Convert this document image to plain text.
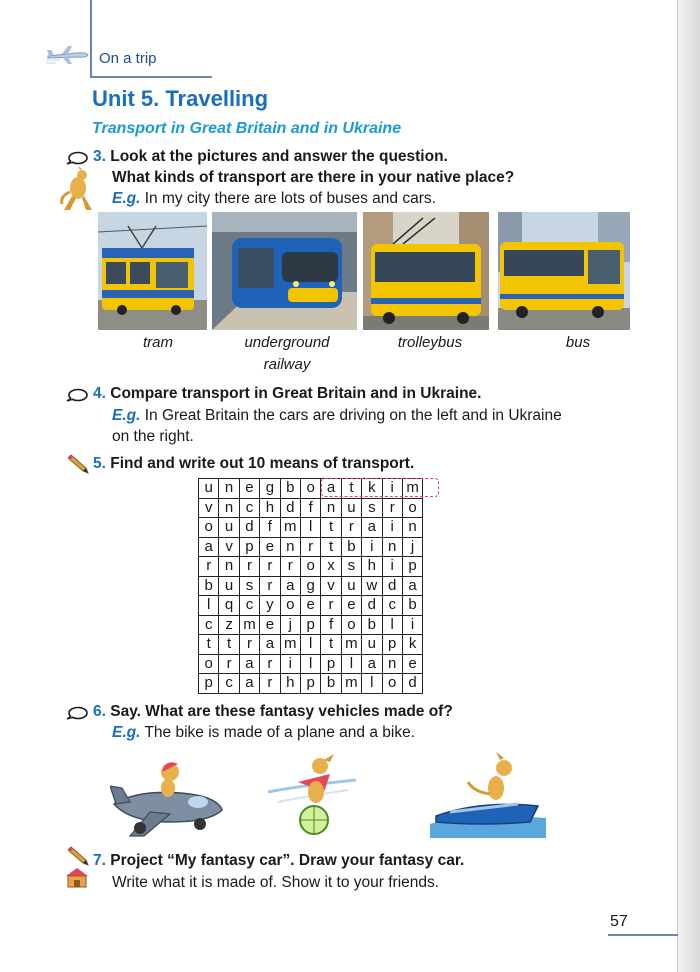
On a trip
Unit 5. Travelling
Transport in Great Britain and in Ukraine
3. Look at the pictures and answer the question.
What kinds of transport are there in your native place?
E.g. In my city there are lots of buses and cars.
tram	underground
railway
trolleybus	bus
4. Compare transport in Great Britain and in Ukraine.
E.g. In Great Britain the cars are driving on the left and in Ukraine
on the right.
5. Find and write out 10 means of transport.
u	n	e	g	b	o	a	t	k	i	m
v	n	c	h	d	f	n	u	s	r	o
o	u	d	f	m	l	t	r	a	i	n
a	v	p	e	n	r	t	b	i	n	j
r	n	r	r	r	o	x	s	h	i	p
b	u	s	r	a	g	v	u	w	d	a
l	q	c	y	o	e	r	e	d	c	b
c	z	m	e	j	p	f	o	b	l	i
t	t	r	a	m	l	t	m	u	p	k
o	r	a	r	i	l	p	l	a	n	e
p	c	a	r	h	p	b	m	l	o	d
6. Say. What are these fantasy vehicles made of?
E.g. The bike is made of a plane and a bike.
7. Project “My fantasy car”. Draw your fantasy car.
Write what it is made of. Show it to your friends.
57
